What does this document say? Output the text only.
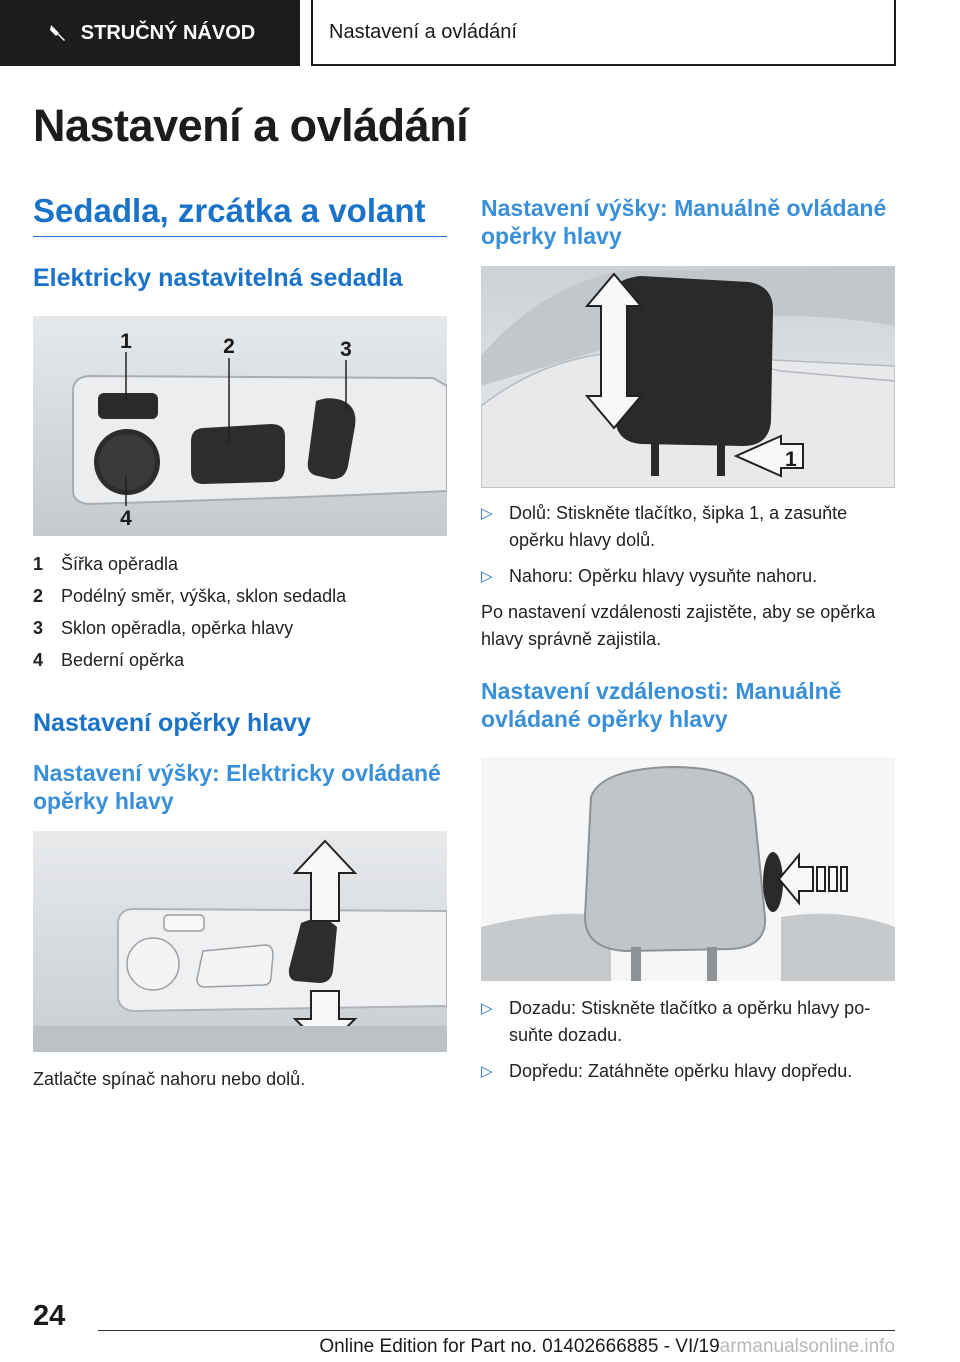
STRUČNÝ NÁVOD	Nastavení a ovládání
Nastavení a ovládání
Sedadla, zrcátka a volant
Elektricky nastavitelná sedadla
1	2	3
4
1 Šířka opěradla
2 Podélný směr, výška, sklon sedadla
3 Sklon opěradla, opěrka hlavy
4 Bederní opěrka
Nastavení opěrky hlavy
Nastavení výšky: Elektricky ovládané opěrky hlavy

Zatlačte spínač nahoru nebo dolů.

Nastavení výšky: Manuálně ovládané opěrky hlavy
1
▷ Dolů: Stiskněte tlačítko, šipka 1, a zasuňte opěrku hlavy dolů.
▷ Nahoru: Opěrku hlavy vysuňte nahoru.

Po nastavení vzdálenosti zajistěte, aby se opěrka hlavy správně zajistila.

Nastavení vzdálenosti: Manuálně ovládané opěrky hlavy
▷ Dozadu: Stiskněte tlačítko a opěrku hlavy po-suňte dozadu.
▷ Dopředu: Zatáhněte opěrku hlavy dopředu.
24
Online Edition for Part no. 01402666885 - VI/19armanualsonline.info
